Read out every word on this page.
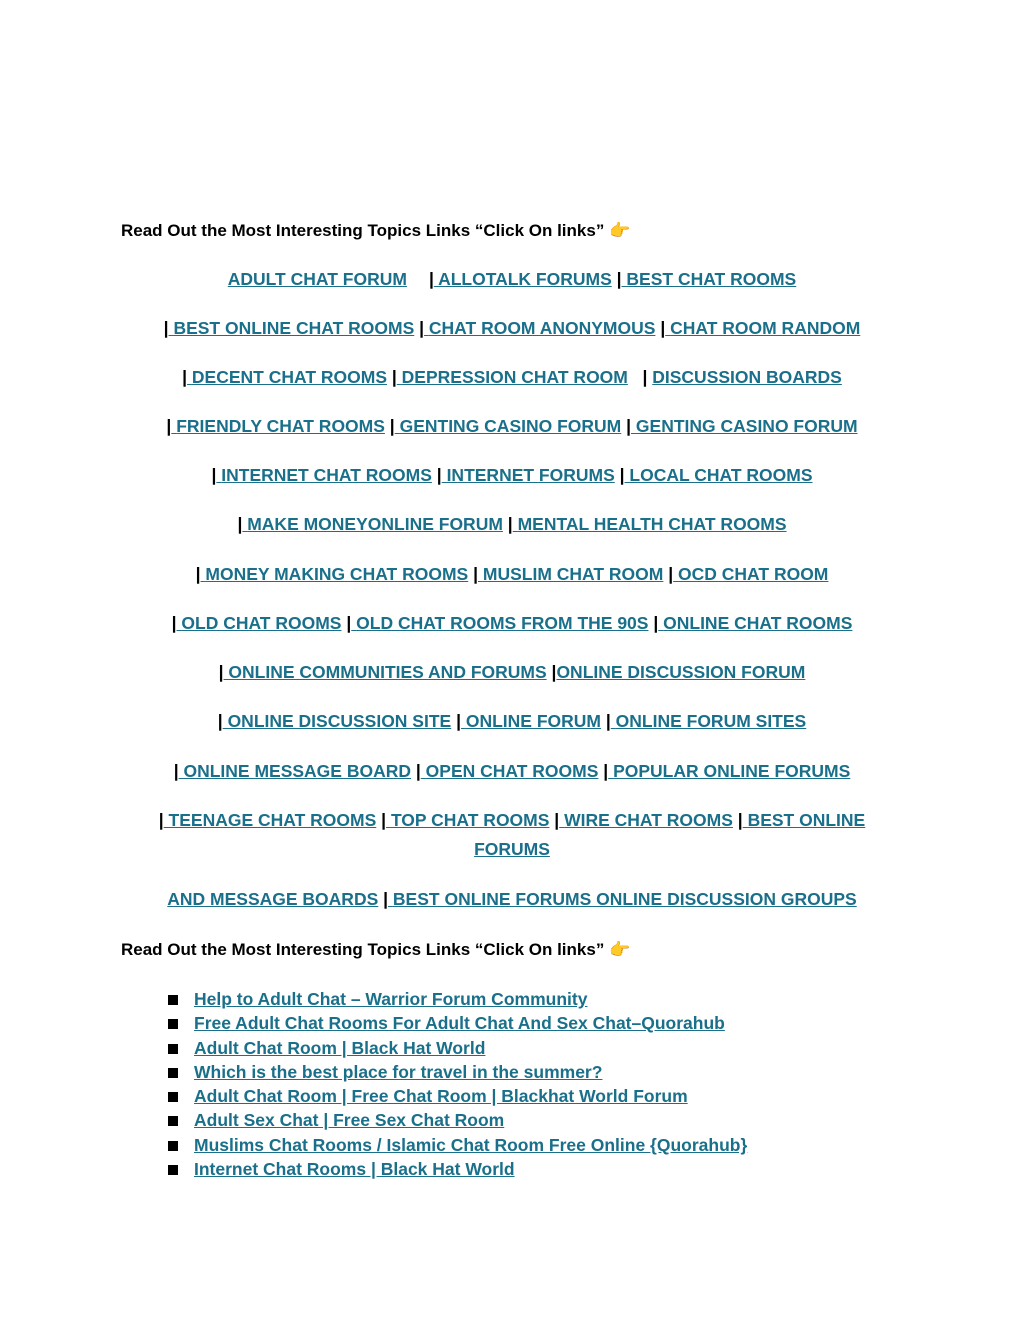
Read Out the Most Interesting Topics Links “Click On links” 👉
ADULT CHAT FORUM | ALLOTALK FORUMS | BEST CHAT ROOMS
| BEST ONLINE CHAT ROOMS | CHAT ROOM ANONYMOUS | CHAT ROOM RANDOM
| DECENT CHAT ROOMS | DEPRESSION CHAT ROOM | DISCUSSION BOARDS
| FRIENDLY CHAT ROOMS | GENTING CASINO FORUM | GENTING CASINO FORUM
| INTERNET CHAT ROOMS | INTERNET FORUMS | LOCAL CHAT ROOMS
| MAKE MONEYONLINE FORUM | MENTAL HEALTH CHAT ROOMS
| MONEY MAKING CHAT ROOMS | MUSLIM CHAT ROOM | OCD CHAT ROOM
| OLD CHAT ROOMS | OLD CHAT ROOMS FROM THE 90S | ONLINE CHAT ROOMS
| ONLINE COMMUNITIES AND FORUMS |ONLINE DISCUSSION FORUM
| ONLINE DISCUSSION SITE | ONLINE FORUM | ONLINE FORUM SITES
| ONLINE MESSAGE BOARD | OPEN CHAT ROOMS | POPULAR ONLINE FORUMS
| TEENAGE CHAT ROOMS | TOP CHAT ROOMS | WIRE CHAT ROOMS | BEST ONLINE FORUMS
AND MESSAGE BOARDS | BEST ONLINE FORUMS ONLINE DISCUSSION GROUPS
Read Out the Most Interesting Topics Links “Click On links” 👉
Help to Adult Chat – Warrior Forum Community
Free Adult Chat Rooms For Adult Chat And Sex Chat–Quorahub
Adult Chat Room | Black Hat World
Which is the best place for travel in the summer?
Adult Chat Room | Free Chat Room | Blackhat World Forum
Adult Sex Chat | Free Sex Chat Room
Muslims Chat Rooms / Islamic Chat Room Free Online {Quorahub}
Internet Chat Rooms | Black Hat World
